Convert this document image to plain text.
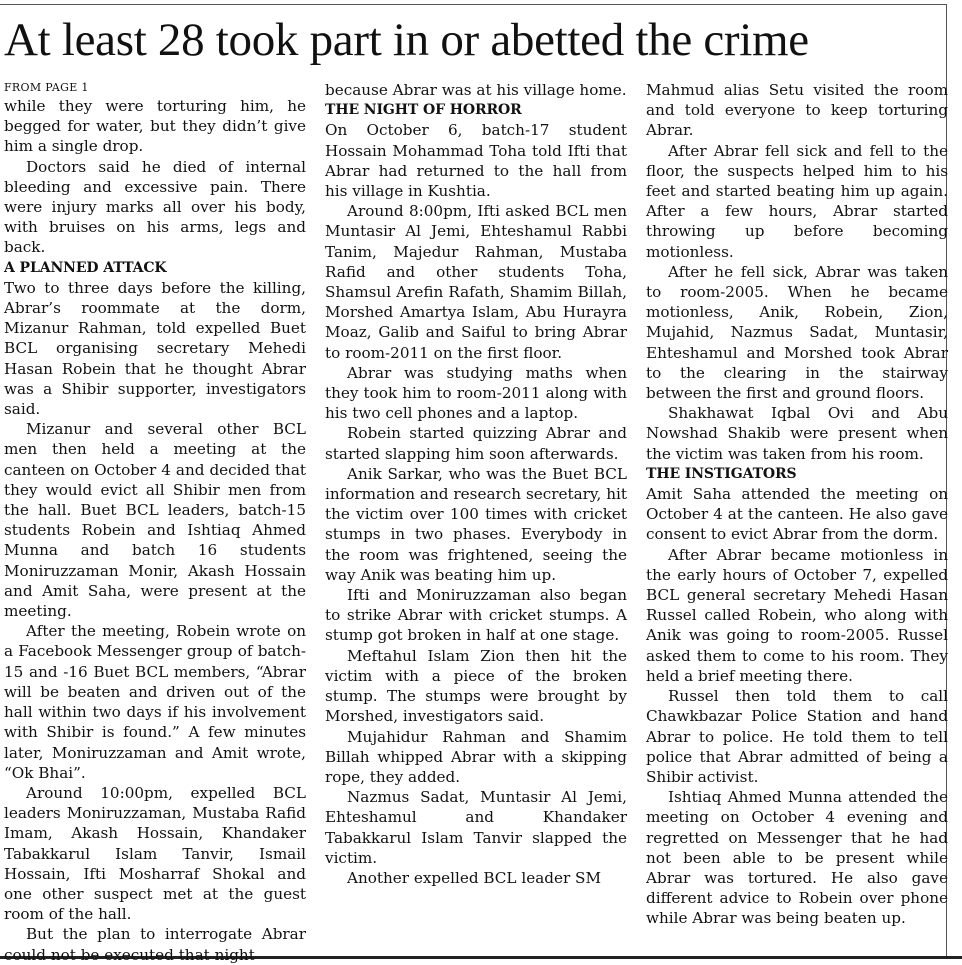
At least 28 took part in or abetted the crime
FROM PAGE 1

while they were torturing him, he begged for water, but they didn’t give him a single drop.

Doctors said he died of internal bleeding and excessive pain. There were injury marks all over his body, with bruises on his arms, legs and back.

A PLANNED ATTACK

Two to three days before the killing, Abrar’s roommate at the dorm, Mizanur Rahman, told expelled Buet BCL organising secretary Mehedi Hasan Robein that he thought Abrar was a Shibir supporter, investigators said.

Mizanur and several other BCL men then held a meeting at the canteen on October 4 and decided that they would evict all Shibir men from the hall. Buet BCL leaders, batch-15 students Robein and Ishtiaq Ahmed Munna and batch 16 students Moniruzzaman Monir, Akash Hossain and Amit Saha, were present at the meeting.

After the meeting, Robein wrote on a Facebook Messenger group of batch-15 and -16 Buet BCL members, “Abrar will be beaten and driven out of the hall within two days if his involvement with Shibir is found.” A few minutes later, Moniruzzaman and Amit wrote, “Ok Bhai”.

Around 10:00pm, expelled BCL leaders Moniruzzaman, Mustaba Rafid Imam, Akash Hossain, Khandaker Tabakkarul Islam Tanvir, Ismail Hossain, Ifti Mosharraf Shokal and one other suspect met at the guest room of the hall.

But the plan to interrogate Abrar could not be executed that night

because Abrar was at his village home.

THE NIGHT OF HORROR

On October 6, batch-17 student Hossain Mohammad Toha told Ifti that Abrar had returned to the hall from his village in Kushtia.

Around 8:00pm, Ifti asked BCL men Muntasir Al Jemi, Ehteshamul Rabbi Tanim, Majedur Rahman, Mustaba Rafid and other students Toha, Shamsul Arefin Rafath, Shamim Billah, Morshed Amartya Islam, Abu Hurayra Moaz, Galib and Saiful to bring Abrar to room-2011 on the first floor.

Abrar was studying maths when they took him to room-2011 along with his two cell phones and a laptop.

Robein started quizzing Abrar and started slapping him soon afterwards.

Anik Sarkar, who was the Buet BCL information and research secretary, hit the victim over 100 times with cricket stumps in two phases. Everybody in the room was frightened, seeing the way Anik was beating him up.

Ifti and Moniruzzaman also began to strike Abrar with cricket stumps. A stump got broken in half at one stage.

Meftahul Islam Zion then hit the victim with a piece of the broken stump. The stumps were brought by Morshed, investigators said.

Mujahidur Rahman and Shamim Billah whipped Abrar with a skipping rope, they added.

Nazmus Sadat, Muntasir Al Jemi, Ehteshamul and Khandaker Tabakkarul Islam Tanvir slapped the victim.

Another expelled BCL leader SM

Mahmud alias Setu visited the room and told everyone to keep torturing Abrar.

After Abrar fell sick and fell to the floor, the suspects helped him to his feet and started beating him up again. After a few hours, Abrar started throwing up before becoming motionless.

After he fell sick, Abrar was taken to room-2005. When he became motionless, Anik, Robein, Zion, Mujahid, Nazmus Sadat, Muntasir, Ehteshamul and Morshed took Abrar to the clearing in the stairway between the first and ground floors.

Shakhawat Iqbal Ovi and Abu Nowshad Shakib were present when the victim was taken from his room.

THE INSTIGATORS

Amit Saha attended the meeting on October 4 at the canteen. He also gave consent to evict Abrar from the dorm.

After Abrar became motionless in the early hours of October 7, expelled BCL general secretary Mehedi Hasan Russel called Robein, who along with Anik was going to room-2005. Russel asked them to come to his room. They held a brief meeting there.

Russel then told them to call Chawkbazar Police Station and hand Abrar to police. He told them to tell police that Abrar admitted of being a Shibir activist.

Ishtiaq Ahmed Munna attended the meeting on October 4 evening and regretted on Messenger that he had not been able to be present while Abrar was tortured. He also gave different advice to Robein over phone while Abrar was being beaten up.
